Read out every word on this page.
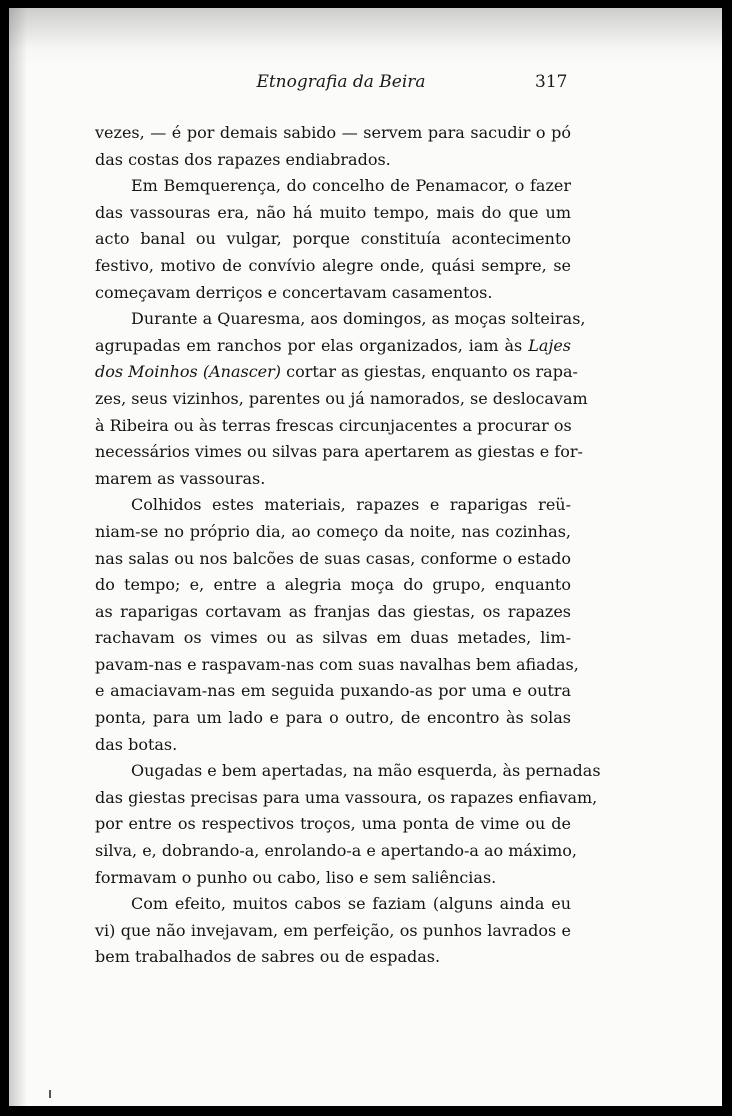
Etnografia da Beira	317
vezes, — é por demais sabido — servem para sacudir o pó
das costas dos rapazes endiabrados.
Em Bemquerença, do concelho de Penamacor, o fazer
das vassouras era, não há muito tempo, mais do que um
acto banal ou vulgar, porque constituía acontecimento
festivo, motivo de convívio alegre onde, quási sempre, se
começavam derriços e concertavam casamentos.
Durante a Quaresma, aos domingos, as moças solteiras,
agrupadas em ranchos por elas organizados, iam às Lajes
dos Moinhos (Anascer) cortar as giestas, enquanto os rapa-
zes, seus vizinhos, parentes ou já namorados, se deslocavam
à Ribeira ou às terras frescas circunjacentes a procurar os
necessários vimes ou silvas para apertarem as giestas e for-
marem as vassouras.
Colhidos estes materiais, rapazes e raparigas reü-
niam-se no próprio dia, ao começo da noite, nas cozinhas,
nas salas ou nos balcões de suas casas, conforme o estado
do tempo; e, entre a alegria moça do grupo, enquanto
as raparigas cortavam as franjas das giestas, os rapazes
rachavam os vimes ou as silvas em duas metades, lim-
pavam-nas e raspavam-nas com suas navalhas bem afiadas,
e amaciavam-nas em seguida puxando-as por uma e outra
ponta, para um lado e para o outro, de encontro às solas
das botas.
Ougadas e bem apertadas, na mão esquerda, às pernadas
das giestas precisas para uma vassoura, os rapazes enfiavam,
por entre os respectivos troços, uma ponta de vime ou de
silva, e, dobrando-a, enrolando-a e apertando-a ao máximo,
formavam o punho ou cabo, liso e sem saliências.
Com efeito, muitos cabos se faziam (alguns ainda eu
vi) que não invejavam, em perfeição, os punhos lavrados e
bem trabalhados de sabres ou de espadas.
